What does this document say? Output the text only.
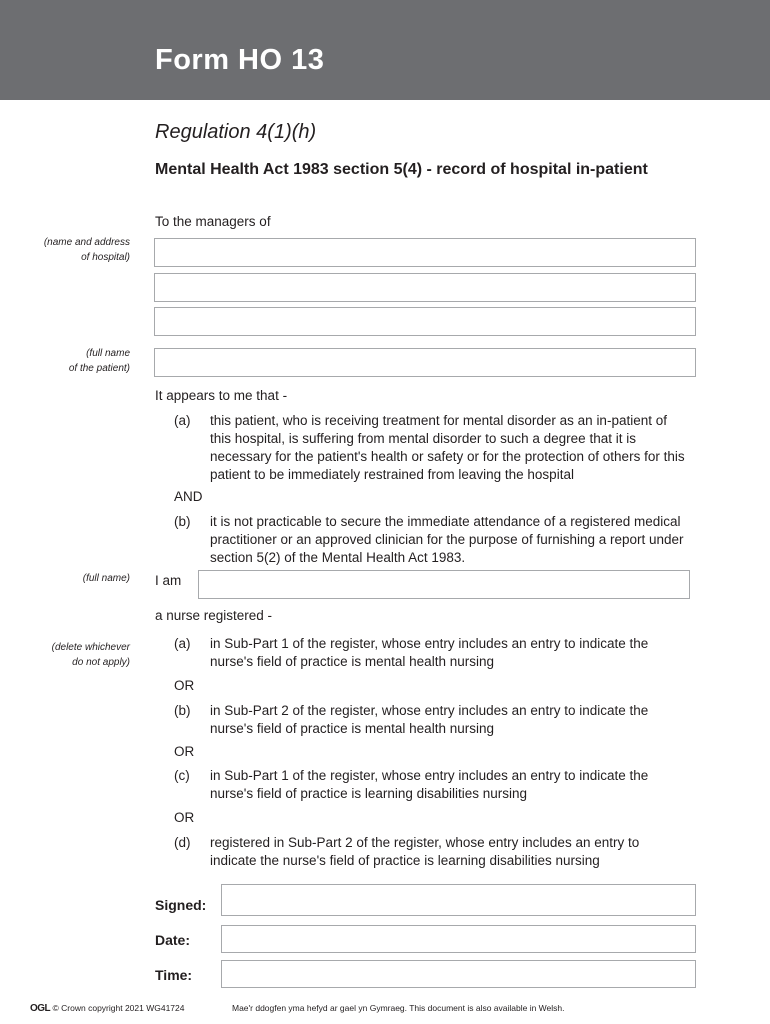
Form HO 13
Regulation 4(1)(h)
Mental Health Act 1983 section 5(4) - record of hospital in-patient
To the managers of
(name and address
of hospital)
(full name
of the patient)
It appears to me that -
(a) this patient, who is receiving treatment for mental disorder as an in-patient of this hospital, is suffering from mental disorder to such a degree that it is necessary for the patient's health or safety or for the protection of others for this patient to be immediately restrained from leaving the hospital
AND
(b) it is not practicable to secure the immediate attendance of a registered medical practitioner or an approved clinician for the purpose of furnishing a report under section 5(2) of the Mental Health Act 1983.
(full name) I am
a nurse registered -
(delete whichever
do not apply)
(a) in Sub-Part 1 of the register, whose entry includes an entry to indicate the nurse's field of practice is mental health nursing
OR
(b) in Sub-Part 2 of the register, whose entry includes an entry to indicate the nurse's field of practice is mental health nursing
OR
(c) in Sub-Part 1 of the register, whose entry includes an entry to indicate the nurse's field of practice is learning disabilities nursing
OR
(d) registered in Sub-Part 2 of the register, whose entry includes an entry to indicate the nurse's field of practice is learning disabilities nursing
Signed:
Date:
Time:
OGL © Crown copyright 2021 WG41724	Mae'r ddogfen yma hefyd ar gael yn Gymraeg. This document is also available in Welsh.
